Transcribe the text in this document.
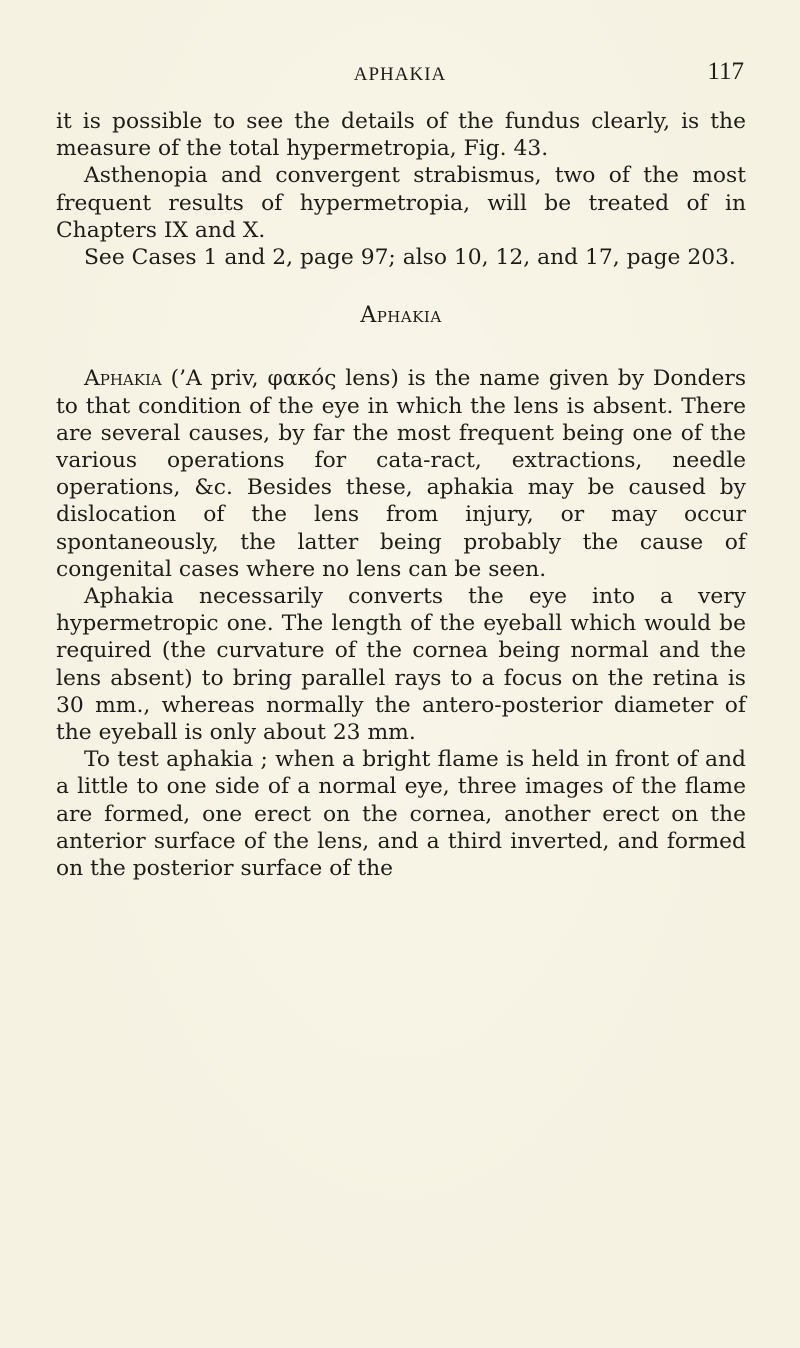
APHAKIA	117

it is possible to see the details of the fundus clearly, is the measure of the total hypermetropia, Fig. 43.

Asthenopia and convergent strabismus, two of the most frequent results of hypermetropia, will be treated of in Chapters IX and X.

See Cases 1 and 2, page 97; also 10, 12, and 17, page 203.

Aphakia

Aphakia (’A priv, φακός lens) is the name given by Donders to that condition of the eye in which the lens is absent. There are several causes, by far the most frequent being one of the various operations for cata-ract, extractions, needle operations, &c. Besides these, aphakia may be caused by dislocation of the lens from injury, or may occur spontaneously, the latter being probably the cause of congenital cases where no lens can be seen.

Aphakia necessarily converts the eye into a very hypermetropic one. The length of the eyeball which would be required (the curvature of the cornea being normal and the lens absent) to bring parallel rays to a focus on the retina is 30 mm., whereas normally the antero-posterior diameter of the eyeball is only about 23 mm.

To test aphakia ; when a bright flame is held in front of and a little to one side of a normal eye, three images of the flame are formed, one erect on the cornea, another erect on the anterior surface of the lens, and a third inverted, and formed on the posterior surface of the
